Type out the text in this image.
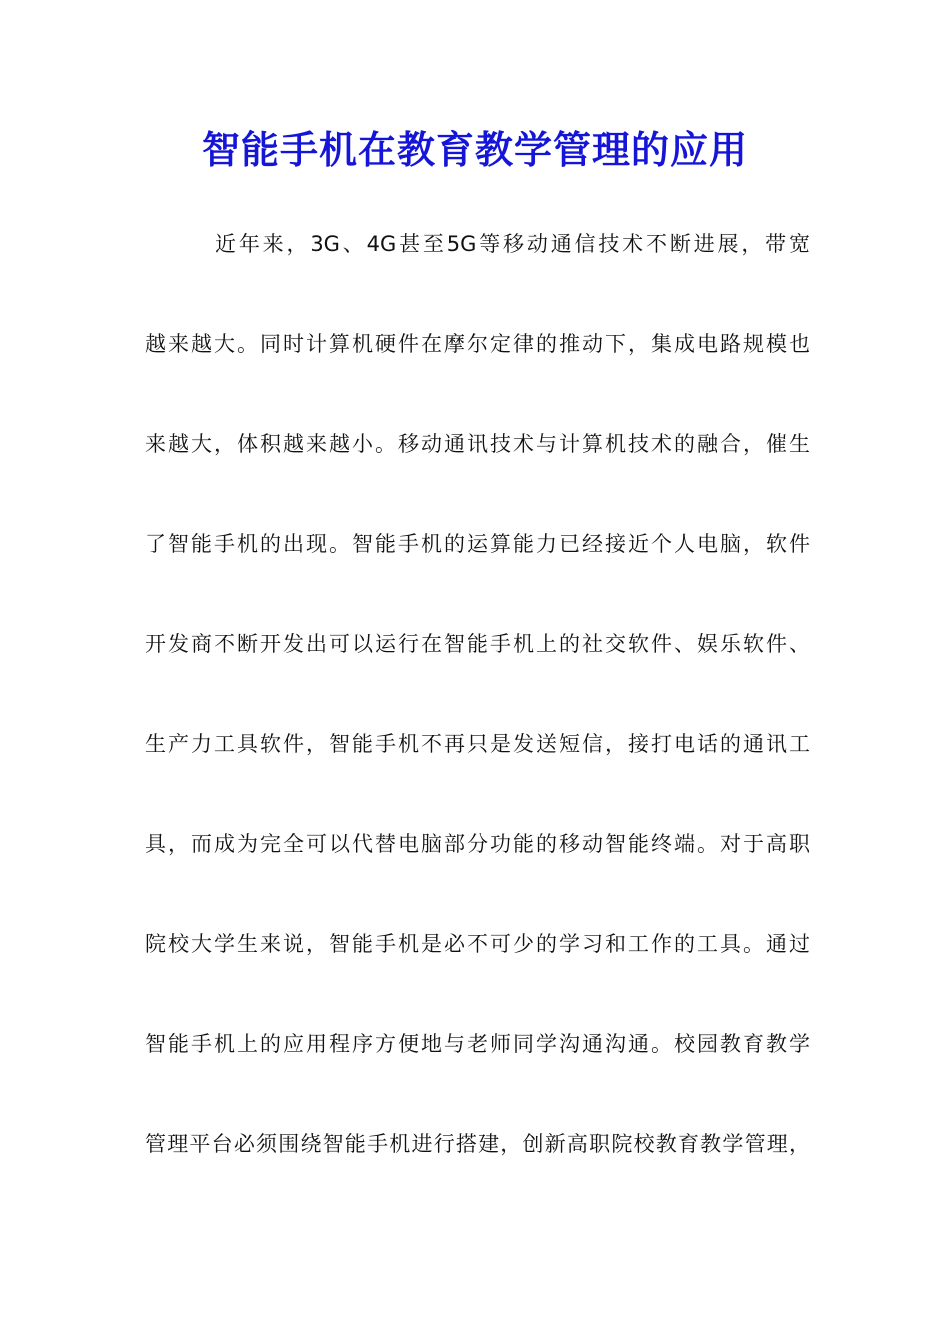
智能手机在教育教学管理的应用
近年来，3G、4G甚至5G等移动通信技术不断进展，带宽
越来越大。同时计算机硬件在摩尔定律的推动下，集成电路规模也
来越大，体积越来越小。移动通讯技术与计算机技术的融合，催生
了智能手机的出现。智能手机的运算能力已经接近个人电脑，软件
开发商不断开发出可以运行在智能手机上的社交软件、娱乐软件、
生产力工具软件，智能手机不再只是发送短信，接打电话的通讯工
具，而成为完全可以代替电脑部分功能的移动智能终端。对于高职
院校大学生来说，智能手机是必不可少的学习和工作的工具。通过
智能手机上的应用程序方便地与老师同学沟通沟通。校园教育教学
管理平台必须围绕智能手机进行搭建，创新高职院校教育教学管理，
